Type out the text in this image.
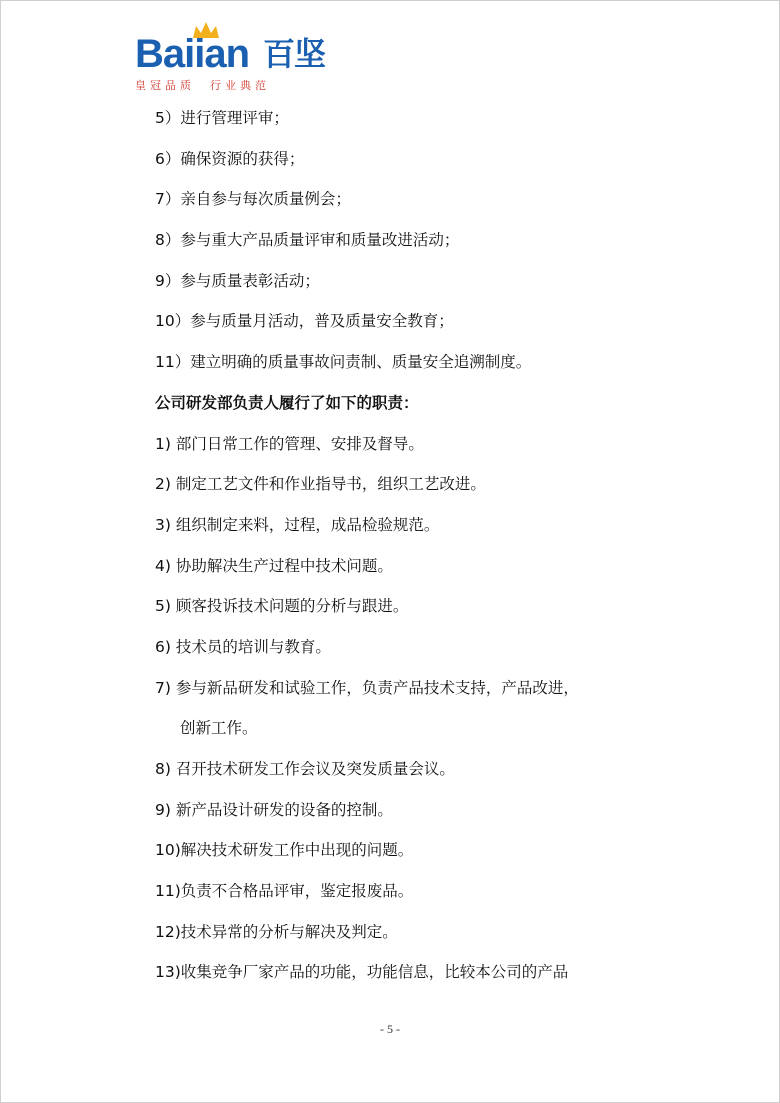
Baiian 百坚
皇冠品质  行业典范
5）进行管理评审；
6）确保资源的获得；
7）亲自参与每次质量例会；
8）参与重大产品质量评审和质量改进活动；
9）参与质量表彰活动；
10）参与质量月活动，普及质量安全教育；
11）建立明确的质量事故问责制、质量安全追溯制度。
公司研发部负责人履行了如下的职责：
1) 部门日常工作的管理、安排及督导。
2) 制定工艺文件和作业指导书，组织工艺改进。
3) 组织制定来料，过程，成品检验规范。
4) 协助解决生产过程中技术问题。
5) 顾客投诉技术问题的分析与跟进。
6) 技术员的培训与教育。
7) 参与新品研发和试验工作，负责产品技术支持，产品改进，
创新工作。
8) 召开技术研发工作会议及突发质量会议。
9) 新产品设计研发的设备的控制。
10)解决技术研发工作中出现的问题。
11)负责不合格品评审，鉴定报废品。
12)技术异常的分析与解决及判定。
13)收集竞争厂家产品的功能，功能信息，比较本公司的产品
- 5 -
